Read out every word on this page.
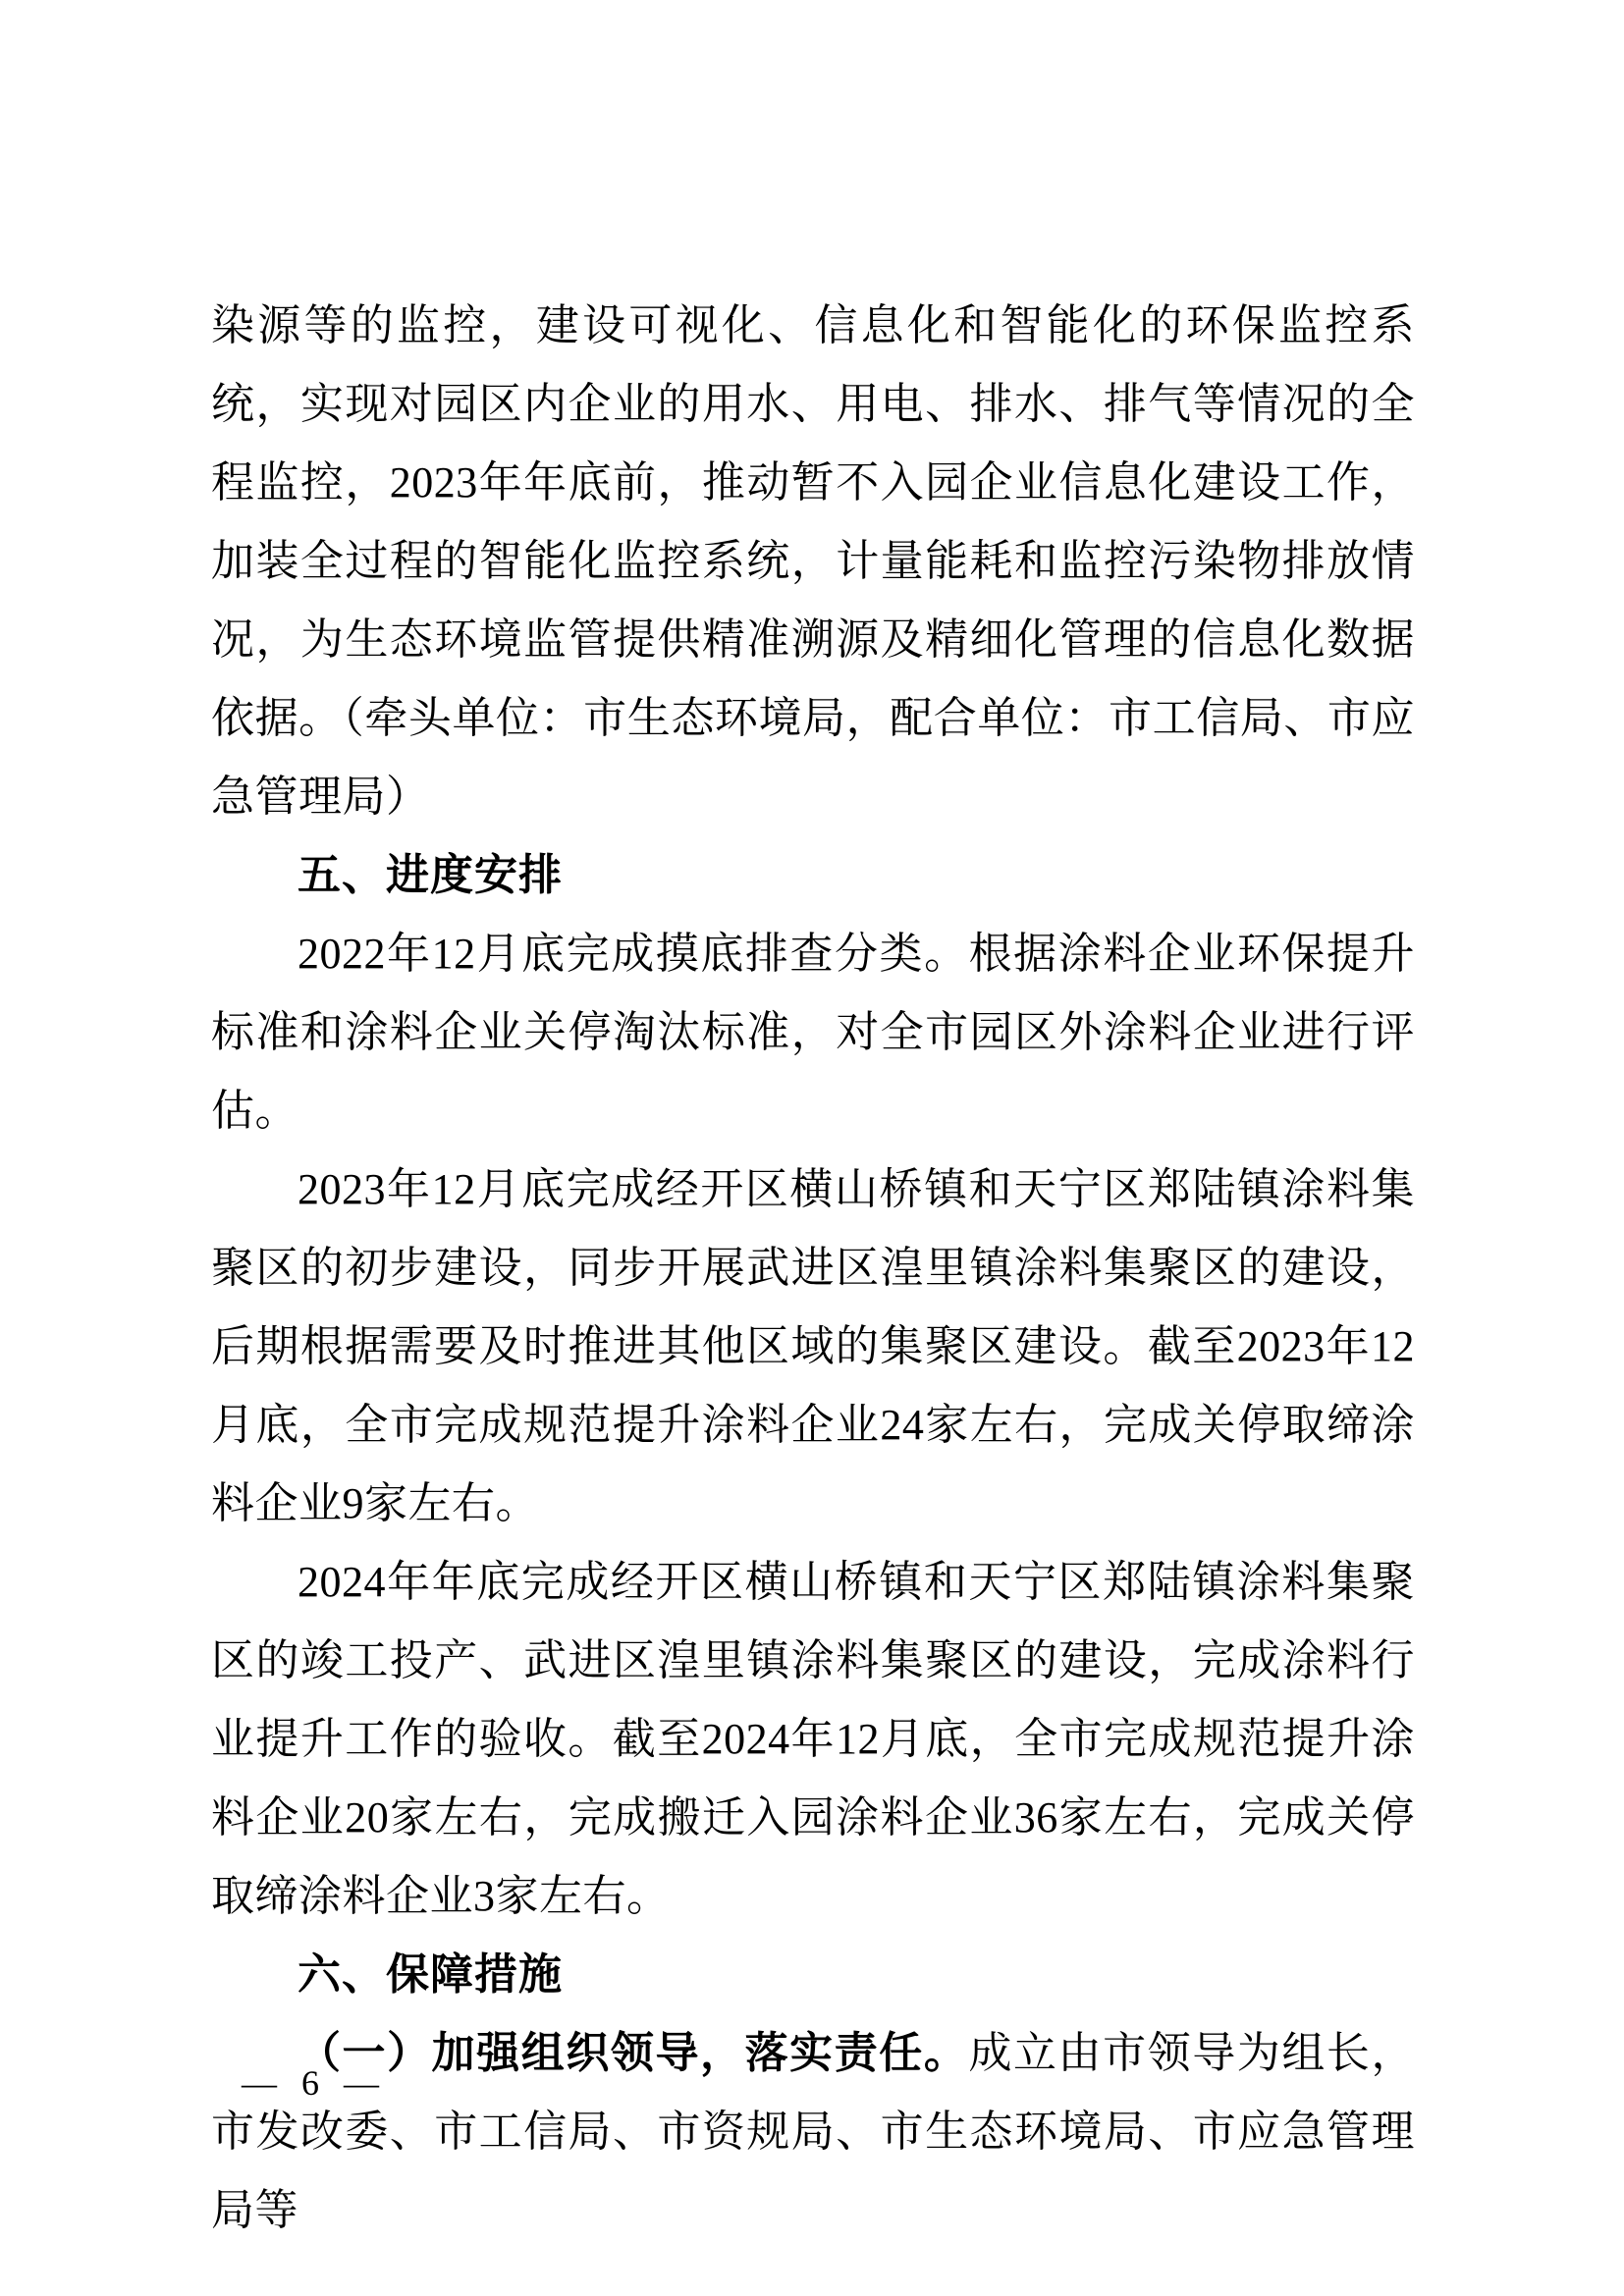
染源等的监控，建设可视化、信息化和智能化的环保监控系统，实现对园区内企业的用水、用电、排水、排气等情况的全程监控，2023年年底前，推动暂不入园企业信息化建设工作，加装全过程的智能化监控系统，计量能耗和监控污染物排放情况，为生态环境监管提供精准溯源及精细化管理的信息化数据依据。（牵头单位：市生态环境局，配合单位：市工信局、市应急管理局）

五、进度安排

2022年12月底完成摸底排查分类。根据涂料企业环保提升标准和涂料企业关停淘汰标准，对全市园区外涂料企业进行评估。

2023年12月底完成经开区横山桥镇和天宁区郑陆镇涂料集聚区的初步建设，同步开展武进区湟里镇涂料集聚区的建设，后期根据需要及时推进其他区域的集聚区建设。截至2023年12月底，全市完成规范提升涂料企业24家左右，完成关停取缔涂料企业9家左右。

2024年年底完成经开区横山桥镇和天宁区郑陆镇涂料集聚区的竣工投产、武进区湟里镇涂料集聚区的建设，完成涂料行业提升工作的验收。截至2024年12月底，全市完成规范提升涂料企业20家左右，完成搬迁入园涂料企业36家左右，完成关停取缔涂料企业3家左右。

六、保障措施

（一）加强组织领导，落实责任。成立由市领导为组长，市发改委、市工信局、市资规局、市生态环境局、市应急管理局等

— 6 —
